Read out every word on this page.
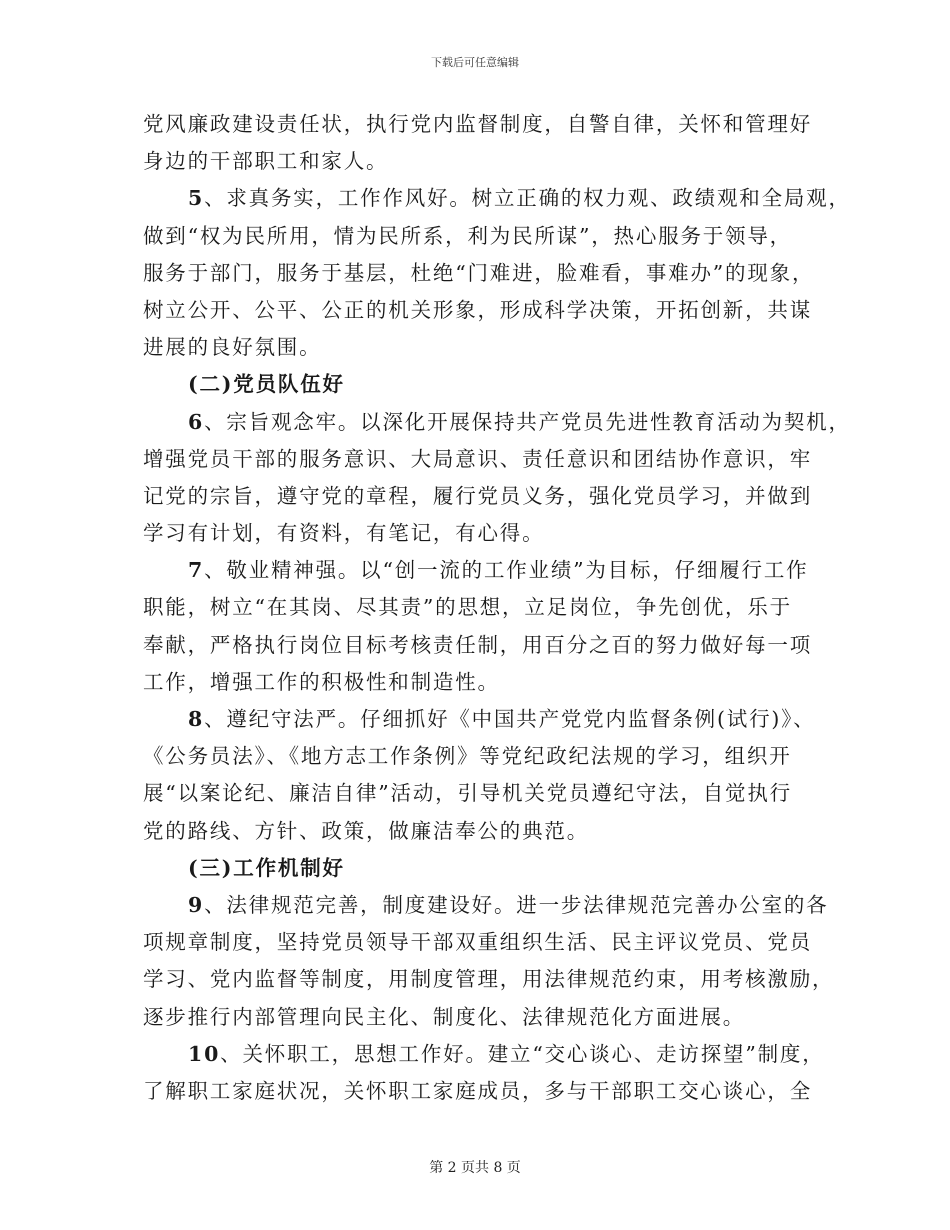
下载后可任意编辑
党风廉政建设责任状，执行党内监督制度，自警自律，关怀和管理好
身边的干部职工和家人。
5、求真务实，工作作风好。树立正确的权力观、政绩观和全局观，
做到“权为民所用，情为民所系，利为民所谋”，热心服务于领导，
服务于部门，服务于基层，杜绝“门难进，脸难看，事难办”的现象，
树立公开、公平、公正的机关形象，形成科学决策，开拓创新，共谋
进展的良好氛围。
(二)党员队伍好
6、宗旨观念牢。以深化开展保持共产党员先进性教育活动为契机，
增强党员干部的服务意识、大局意识、责任意识和团结协作意识，牢
记党的宗旨，遵守党的章程，履行党员义务，强化党员学习，并做到
学习有计划，有资料，有笔记，有心得。
7、敬业精神强。以“创一流的工作业绩”为目标，仔细履行工作
职能，树立“在其岗、尽其责”的思想，立足岗位，争先创优，乐于
奉献，严格执行岗位目标考核责任制，用百分之百的努力做好每一项
工作，增强工作的积极性和制造性。
8、遵纪守法严。仔细抓好《中国共产党党内监督条例(试行)》、
《公务员法》、《地方志工作条例》等党纪政纪法规的学习，组织开
展“以案论纪、廉洁自律”活动，引导机关党员遵纪守法，自觉执行
党的路线、方针、政策，做廉洁奉公的典范。
(三)工作机制好
9、法律规范完善，制度建设好。进一步法律规范完善办公室的各
项规章制度，坚持党员领导干部双重组织生活、民主评议党员、党员
学习、党内监督等制度，用制度管理，用法律规范约束，用考核激励，
逐步推行内部管理向民主化、制度化、法律规范化方面进展。
10、关怀职工，思想工作好。建立“交心谈心、走访探望”制度，
了解职工家庭状况，关怀职工家庭成员，多与干部职工交心谈心，全
第 2 页共 8 页
